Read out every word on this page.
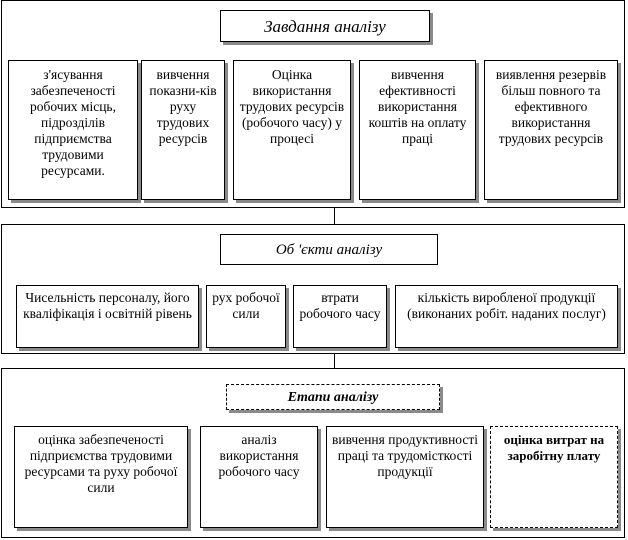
Завдання аналізу
з'ясування забезпеченості робочих місць, підрозділів підприємства трудовими ресурсами.
вивчення показни-ків руху трудових ресурсів
Оцінка використання трудових ресурсів (робочого часу) у процесі
вивчення ефективності використання коштів на оплату праці
виявлення резервів більш повного та ефективного використання трудових ресурсів
Об 'єкти аналізу
Чисельність персоналу, його кваліфікація і освітній рівень
рух робочої сили
втрати робочого часу
кількість виробленої продукції (виконаних робіт. наданих послуг)
Етапи аналізу
оцінка забезпеченості підприємства трудовими ресурсами та руху робочої сили
аналіз використання робочого часу
вивчення продуктивності праці та трудомісткості продукції
оцінка витрат на заробітну плату
